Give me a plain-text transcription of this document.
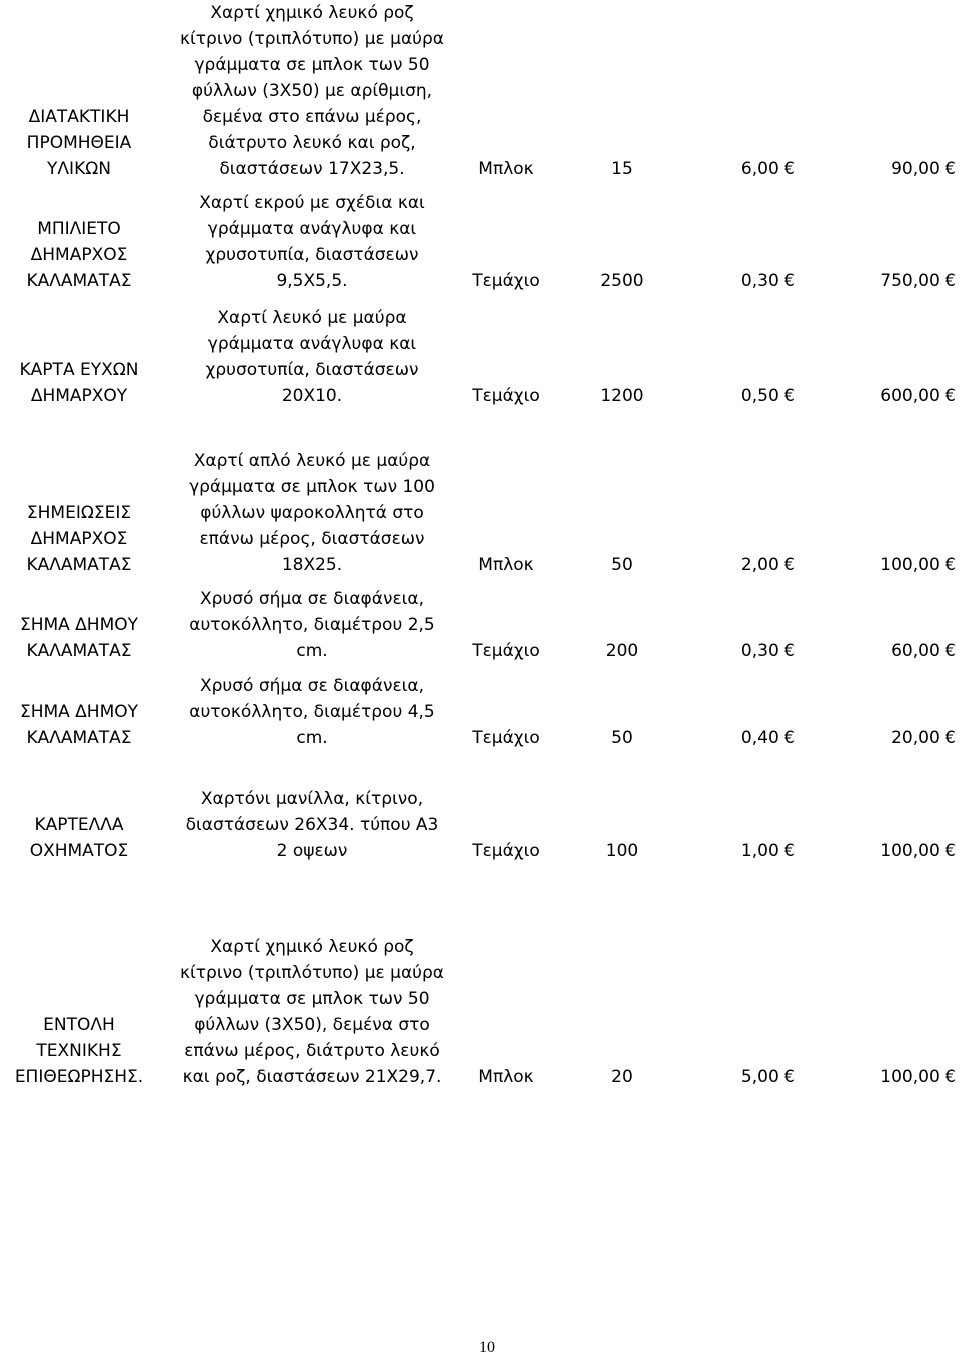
ΔΙΑΤΑΚΤΙΚΗ
ΠΡΟΜΗΘΕΙΑ
ΥΛΙΚΩΝ
Χαρτί χημικό λευκό ροζ
κίτρινο (τριπλότυπο) με μαύρα
γράμματα σε μπλοκ των 50
φύλλων (3Χ50) με αρίθμιση,
δεμένα στο επάνω μέρος,
διάτρυτο λευκό και ροζ,
διαστάσεων 17Χ23,5.	Μπλοκ	15	6,00 €	90,00 €
ΜΠΙΛΙΕΤΟ
ΔΗΜΑΡΧΟΣ
ΚΑΛΑΜΑΤΑΣ
Χαρτί εκρού με σχέδια και
γράμματα ανάγλυφα και
χρυσοτυπία, διαστάσεων
9,5Χ5,5.	Τεμάχιο	2500	0,30 €	750,00 €
ΚΑΡΤΑ ΕΥΧΩΝ
ΔΗΜΑΡΧΟΥ
Χαρτί λευκό με μαύρα
γράμματα ανάγλυφα και
χρυσοτυπία, διαστάσεων
20Χ10.	Τεμάχιο	1200	0,50 €	600,00 €
ΣΗΜΕΙΩΣΕΙΣ
ΔΗΜΑΡΧΟΣ
ΚΑΛΑΜΑΤΑΣ
Χαρτί απλό λευκό με μαύρα
γράμματα σε μπλοκ των 100
φύλλων ψαροκολλητά στο
επάνω μέρος, διαστάσεων
18Χ25.	Μπλοκ	50	2,00 €	100,00 €
ΣΗΜΑ ΔΗΜΟΥ
ΚΑΛΑΜΑΤΑΣ
Χρυσό σήμα σε διαφάνεια,
αυτοκόλλητο, διαμέτρου 2,5
cm.	Τεμάχιο	200	0,30 €	60,00 €
ΣΗΜΑ ΔΗΜΟΥ
ΚΑΛΑΜΑΤΑΣ
Χρυσό σήμα σε διαφάνεια,
αυτοκόλλητο, διαμέτρου 4,5
cm.	Τεμάχιο	50	0,40 €	20,00 €
ΚΑΡΤΕΛΛΑ
ΟΧΗΜΑΤΟΣ
Χαρτόνι μανίλλα, κίτρινο,
διαστάσεων 26Χ34. τύπου Α3
2 οψεων	Τεμάχιο	100	1,00 €	100,00 €
ΕΝΤΟΛΗ
ΤΕΧΝΙΚΗΣ
ΕΠΙΘΕΩΡΗΣΗΣ.
Χαρτί χημικό λευκό ροζ
κίτρινο (τριπλότυπο) με μαύρα
γράμματα σε μπλοκ των 50
φύλλων (3Χ50), δεμένα στο
επάνω μέρος, διάτρυτο λευκό
και ροζ, διαστάσεων 21Χ29,7.	Μπλοκ	20	5,00 €	100,00 €
10
